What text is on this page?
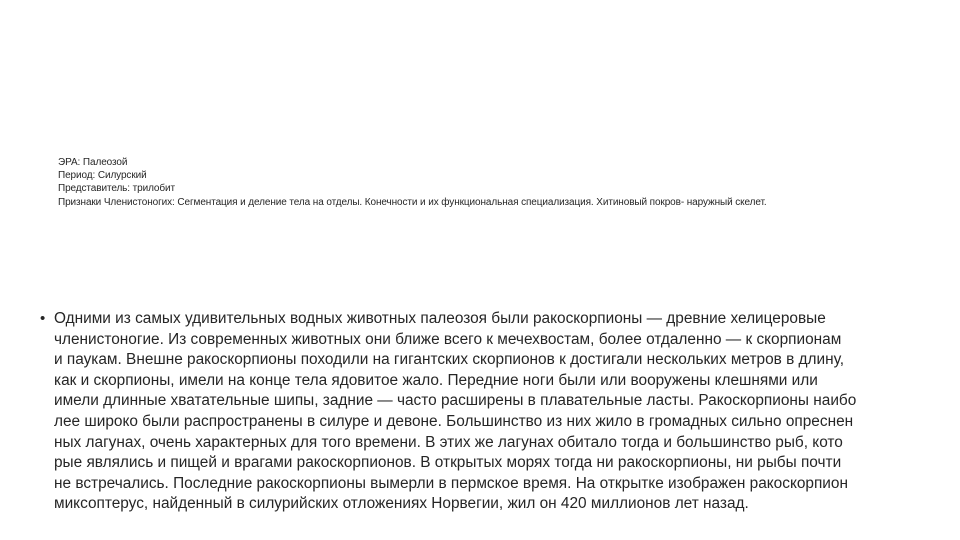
ЭРА: Палеозой
Период: Силурский
Представитель: трилобит
Признаки Членистоногих: Сегментация и деление тела на отделы. Конечности и их функциональная специализация. Хитиновый покров- наружный скелет.
• Одними из самых удивительных водных животных палеозоя были ракоскорпионы — древние хелицеровые
членистоногие. Из современных животных они ближе всего к мечехвостам, более отдаленно — к скорпионам
и паукам. Внешне ракоскорпионы походили на гигантских скорпионов к достигали нескольких метров в длину,
как и скорпионы, имели на конце тела ядовитое жало. Передние ноги были или вооружены клешнями или
имели длинные хватательные шипы, задние — часто расширены в плавательные ласты. Ракоскорпионы наибо
лее широко были распространены в силуре и девоне. Большинство из них жило в громадных сильно опреснен
ных лагунах, очень характерных для того времени. В этих же лагунах обитало тогда и большинство рыб, кото
рые являлись и пищей и врагами ракоскорпионов. В открытых морях тогда ни ракоскорпионы, ни рыбы почти
не встречались. Последние ракоскорпионы вымерли в пермское время. На открытке изображен ракоскорпион
миксоптерус, найденный в силурийских отложениях Норвегии, жил он 420 миллионов лет назад.
